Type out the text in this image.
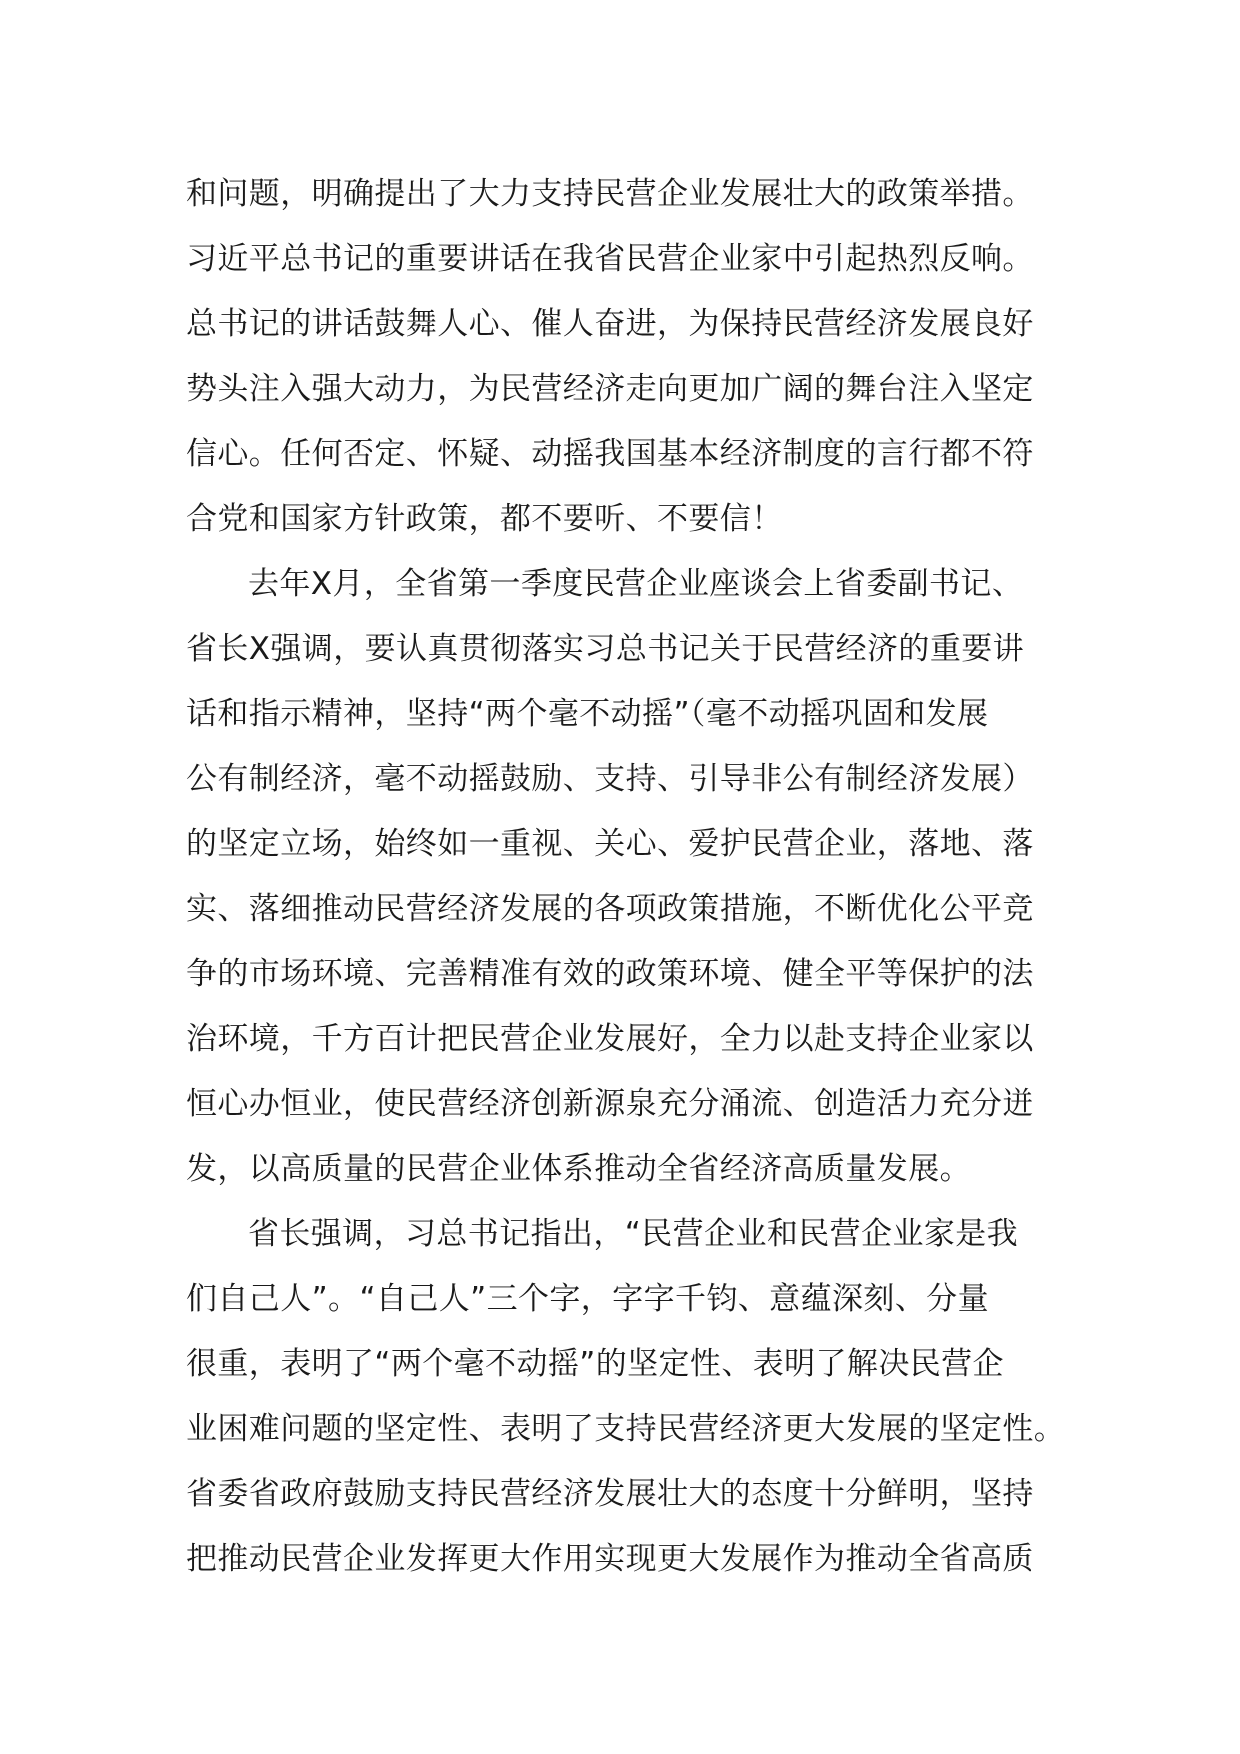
和问题，明确提出了大力支持民营企业发展壮大的政策举措。
习近平总书记的重要讲话在我省民营企业家中引起热烈反响。
总书记的讲话鼓舞人心、催人奋进，为保持民营经济发展良好
势头注入强大动力，为民营经济走向更加广阔的舞台注入坚定
信心。任何否定、怀疑、动摇我国基本经济制度的言行都不符
合党和国家方针政策，都不要听、不要信！
去年X月，全省第一季度民营企业座谈会上省委副书记、
省长X强调，要认真贯彻落实习总书记关于民营经济的重要讲
话和指示精神，坚持“两个毫不动摇”（毫不动摇巩固和发展
公有制经济，毫不动摇鼓励、支持、引导非公有制经济发展）
的坚定立场，始终如一重视、关心、爱护民营企业，落地、落
实、落细推动民营经济发展的各项政策措施，不断优化公平竞
争的市场环境、完善精准有效的政策环境、健全平等保护的法
治环境，千方百计把民营企业发展好，全力以赴支持企业家以
恒心办恒业，使民营经济创新源泉充分涌流、创造活力充分迸
发，以高质量的民营企业体系推动全省经济高质量发展。
省长强调，习总书记指出，“民营企业和民营企业家是我
们自己人”。“自己人”三个字，字字千钧、意蕴深刻、分量
很重，表明了“两个毫不动摇”的坚定性、表明了解决民营企
业困难问题的坚定性、表明了支持民营经济更大发展的坚定性。
省委省政府鼓励支持民营经济发展壮大的态度十分鲜明，坚持
把推动民营企业发挥更大作用实现更大发展作为推动全省高质
